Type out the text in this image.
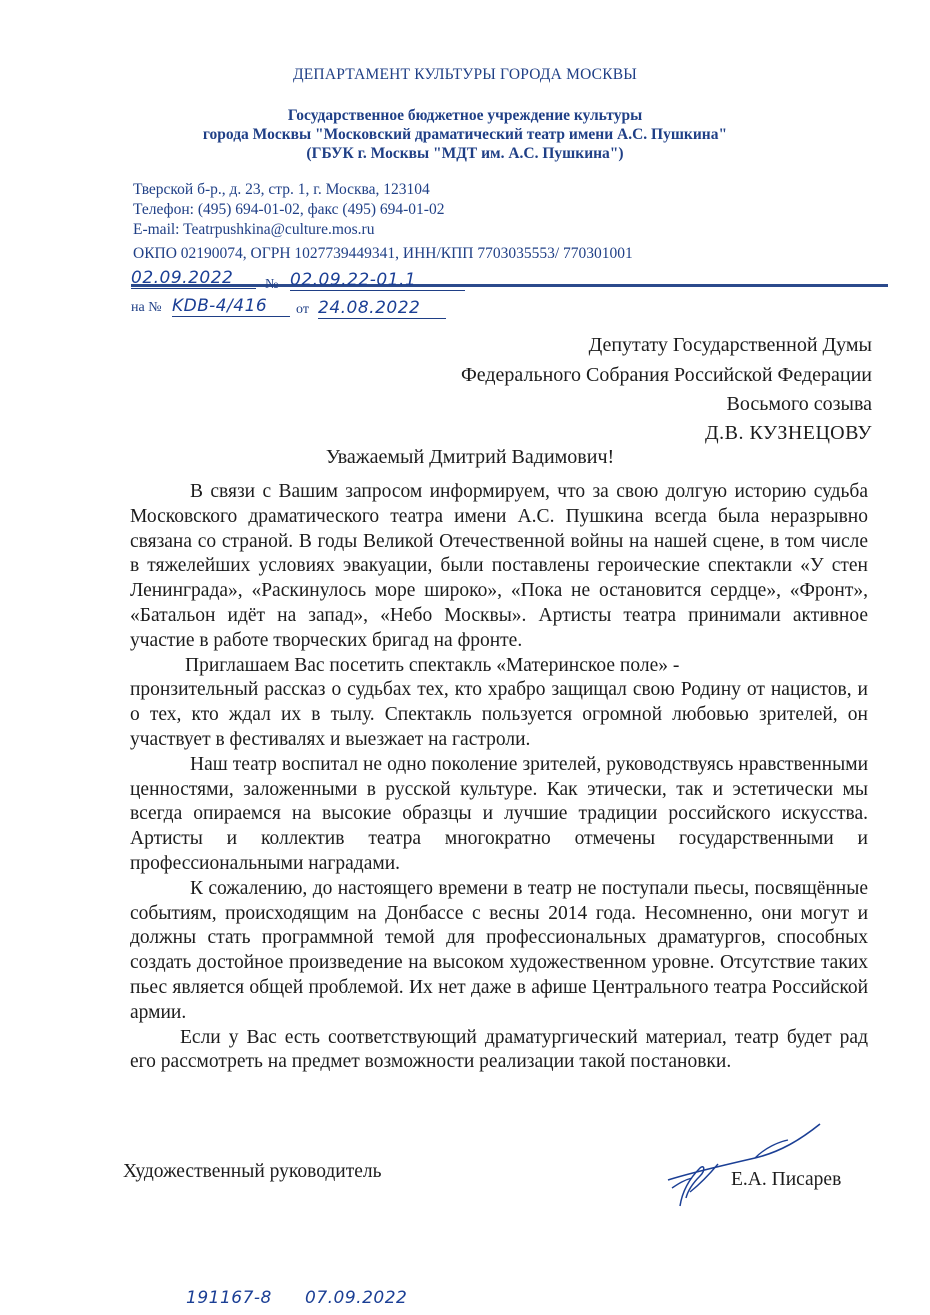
ДЕПАРТАМЕНТ КУЛЬТУРЫ ГОРОДА МОСКВЫ
Государственное бюджетное учреждение культуры
города Москвы "Московский драматический театр имени А.С. Пушкина"
(ГБУК г. Москвы "МДТ им. А.С. Пушкина")
Тверской б-р., д. 23, стр. 1, г. Москва, 123104
Телефон: (495) 694-01-02, факс (495) 694-01-02
E-mail: Teatrpushkina@culture.mos.ru
ОКПО 02190074, ОГРН 1027739449341, ИНН/КПП 7703035553/ 770301001
02.09.2022	№ 02.09.22-01.1
на № KDB-4/416	от 24.08.2022
Депутату Государственной Думы
Федерального Собрания Российской Федерации
Восьмого созыва
Д.В. КУЗНЕЦОВУ
Уважаемый Дмитрий Вадимович!

В связи с Вашим запросом информируем, что за свою долгую историю судьба Московского драматического театра имени А.С. Пушкина всегда была неразрывно связана со страной. В годы Великой Отечественной войны на нашей сцене, в том числе в тяжелейших условиях эвакуации, были поставлены героические спектакли «У стен Ленинграда», «Раскинулось море широко», «Пока не остановится сердце», «Фронт», «Батальон идёт на запад», «Небо Москвы». Артисты театра принимали активное участие в работе творческих бригад на фронте.

Приглашаем Вас посетить спектакль «Материнское поле» -

пронзительный рассказ о судьбах тех, кто храбро защищал свою Родину от нацистов, и о тех, кто ждал их в тылу. Спектакль пользуется огромной любовью зрителей, он участвует в фестивалях и выезжает на гастроли.

Наш театр воспитал не одно поколение зрителей, руководствуясь нравственными ценностями, заложенными в русской культуре. Как этически, так и эстетически мы всегда опираемся на высокие образцы и лучшие традиции российского искусства. Артисты и коллектив театра многократно отмечены государственными и профессиональными наградами.

К сожалению, до настоящего времени в театр не поступали пьесы, посвящённые событиям, происходящим на Донбассе с весны 2014 года. Несомненно, они могут и должны стать программной темой для профессиональных драматургов, способных создать достойное произведение на высоком художественном уровне. Отсутствие таких пьес является общей проблемой. Их нет даже в афише Центрального театра Российской армии.

Если у Вас есть соответствующий драматургический материал, театр будет рад его рассмотреть на предмет возможности реализации такой постановки.

Художественный руководитель	Е.А. Писарев
191167-8 07.09.2022
